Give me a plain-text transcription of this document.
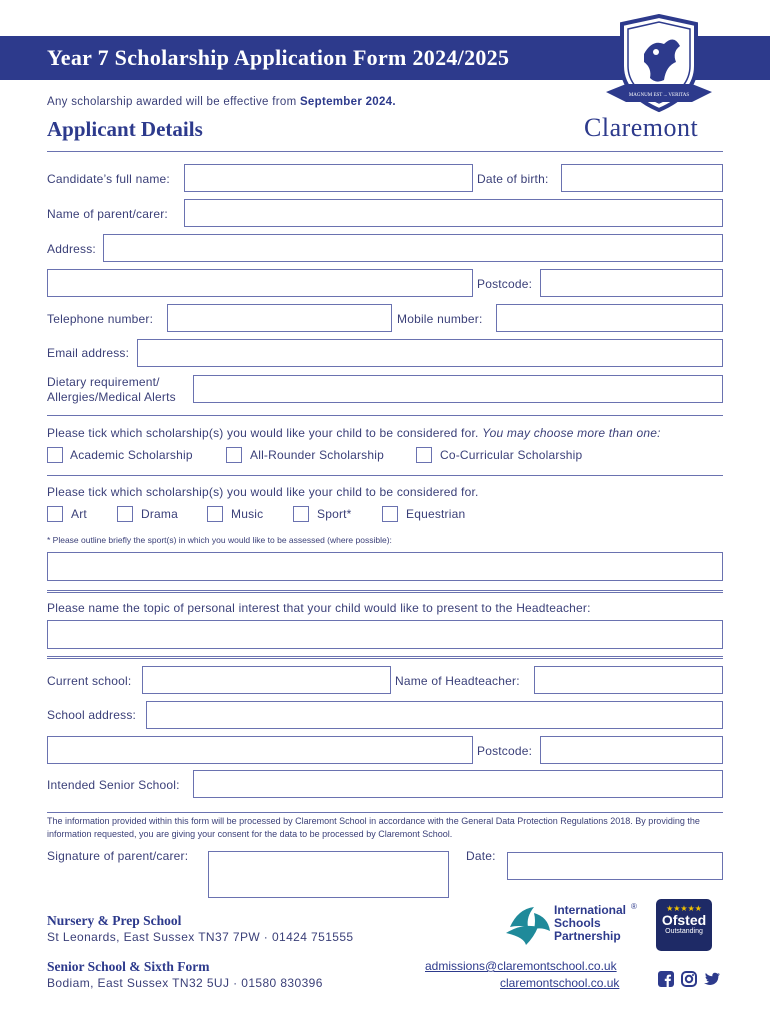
Year 7 Scholarship Application Form 2024/2025
MAGNUM EST ... VERITAS
Claremont
Any scholarship awarded will be effective from September 2024.
Applicant Details
Candidate’s full name:	Date of birth:
Name of parent/carer:
Address:
Postcode:
Telephone number:	Mobile number:
Email address:
Dietary requirement/
Allergies/Medical Alerts
Please tick which scholarship(s) you would like your child to be considered for. You may choose more than one:
Academic Scholarship	All-Rounder Scholarship	Co-Curricular Scholarship
Please tick which scholarship(s) you would like your child to be considered for.
Art	Drama	Music	Sport*	Equestrian
* Please outline briefly the sport(s) in which you would like to be assessed (where possible):
Please name the topic of personal interest that your child would like to present to the Headteacher:
Current school:	Name of Headteacher:
School address:
Postcode:
Intended Senior School:
The information provided within this form will be processed by Claremont School in accordance with the General Data Protection Regulations 2018. By providing the information requested, you are giving your consent for the data to be processed by Claremont School.
Signature of parent/carer:	Date:
Nursery & Prep School
St Leonards, East Sussex TN37 7PW · 01424 751555
Senior School & Sixth Form
Bodiam, East Sussex TN32 5UJ · 01580 830396
International
Schools
Partnership
®	★★★★★
Ofsted
Outstanding
admissions@claremontschool.co.uk
claremontschool.co.uk
